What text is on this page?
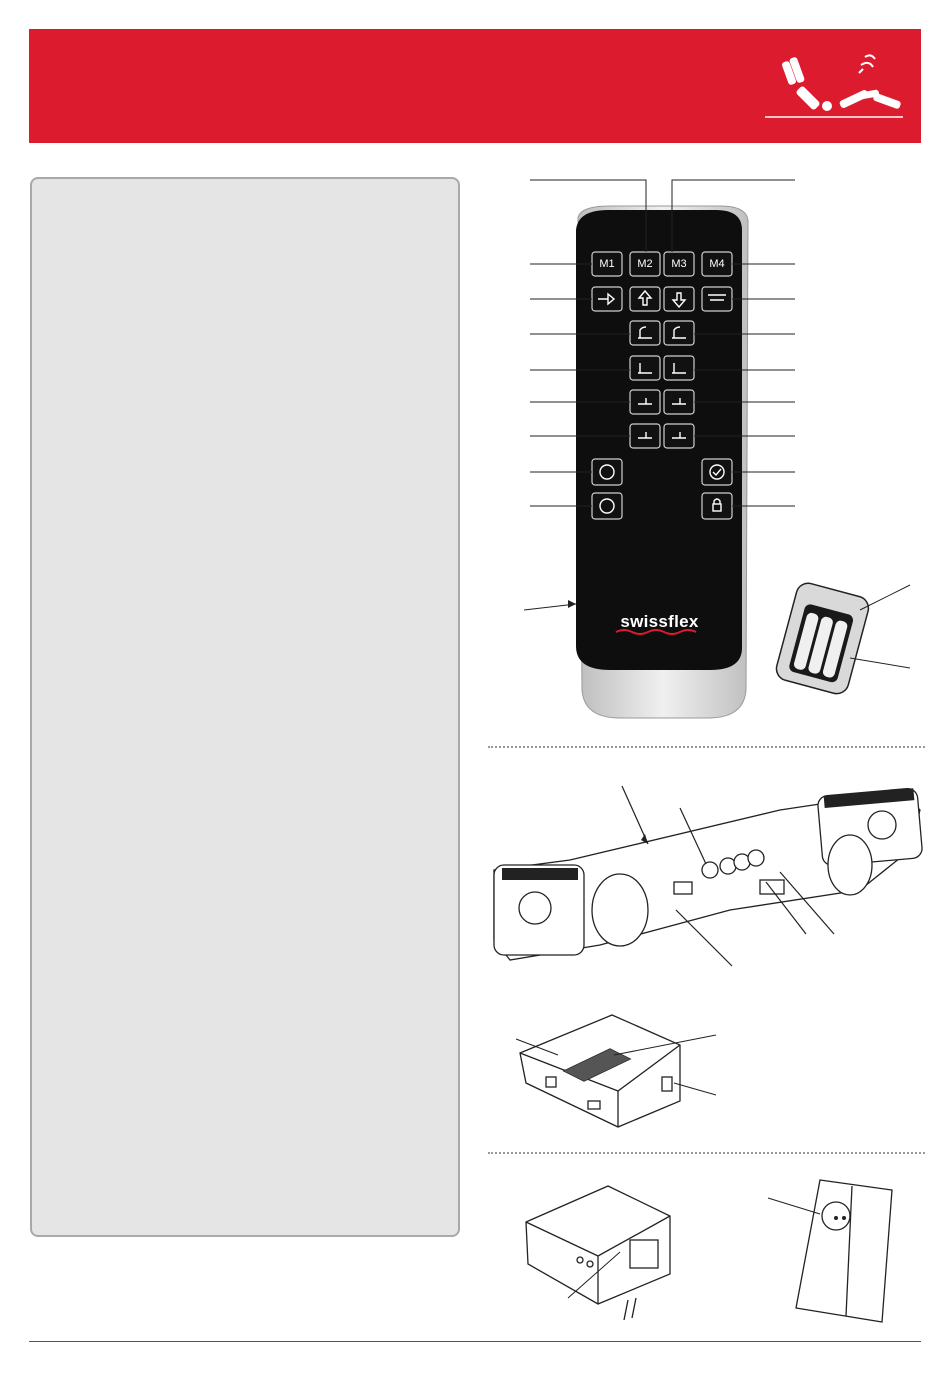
M1	M2	M3	M4
swissflex
